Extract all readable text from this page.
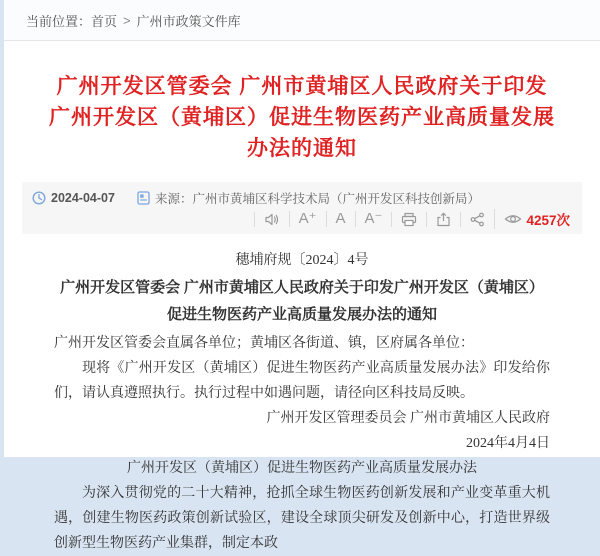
当前位置： 首页 > 广州市政策文件库
广州开发区管委会 广州市黄埔区人民政府关于印发广州开发区（黄埔区）促进生物医药产业高质量发展办法的通知
2024-04-07	来源： 广州市黄埔区科学技术局（广州开发区科技创新局）
A⁺	A	A⁻	4257次

穗埔府规〔2024〕4号

广州开发区管委会 广州市黄埔区人民政府关于印发广州开发区（黄埔区）促进生物医药产业高质量发展办法的通知

广州开发区管委会直属各单位；黄埔区各街道、镇，区府属各单位：

现将《广州开发区（黄埔区）促进生物医药产业高质量发展办法》印发给你们，请认真遵照执行。执行过程中如遇问题，请径向区科技局反映。

广州开发区管理委员会 广州市黄埔区人民政府

2024年4月4日

广州开发区（黄埔区）促进生物医药产业高质量发展办法

为深入贯彻党的二十大精神，抢抓全球生物医药创新发展和产业变革重大机遇，创建生物医药政策创新试验区，建设全球顶尖研发及创新中心，打造世界级创新型生物医药产业集群，制定本政
